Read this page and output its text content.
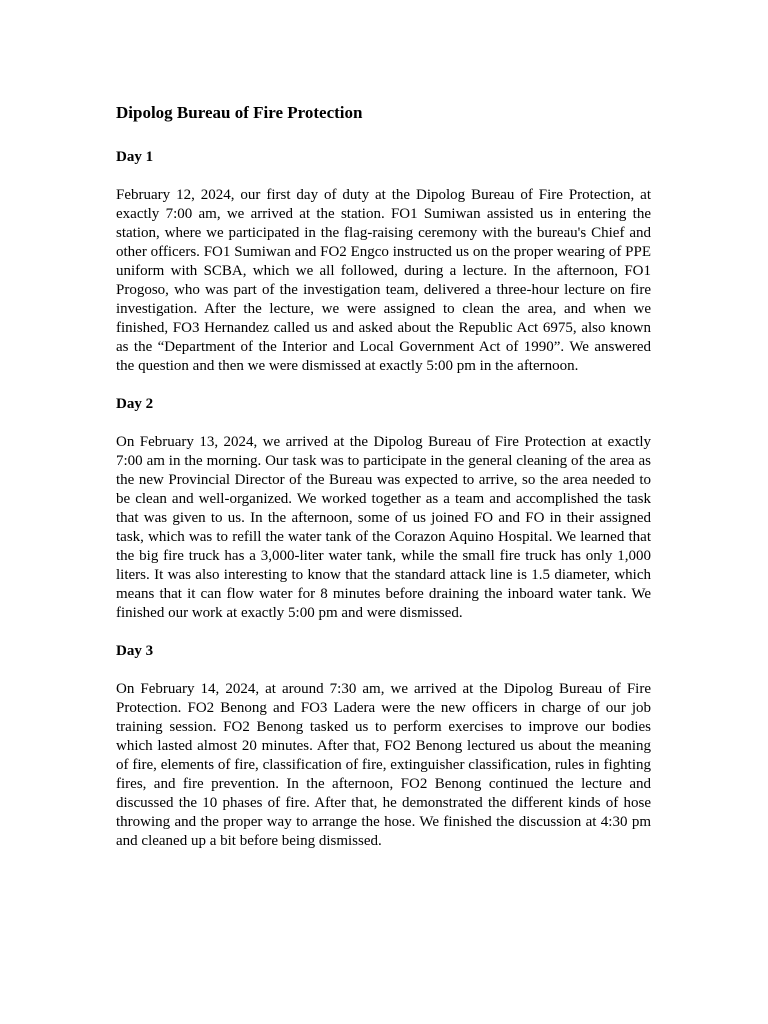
Dipolog Bureau of Fire Protection
Day 1

February 12, 2024, our first day of duty at the Dipolog Bureau of Fire Protection, at exactly 7:00 am, we arrived at the station. FO1 Sumiwan assisted us in entering the station, where we participated in the flag-raising ceremony with the bureau's Chief and other officers. FO1 Sumiwan and FO2 Engco instructed us on the proper wearing of PPE uniform with SCBA, which we all followed, during a lecture. In the afternoon, FO1 Progoso, who was part of the investigation team, delivered a three-hour lecture on fire investigation. After the lecture, we were assigned to clean the area, and when we finished, FO3 Hernandez called us and asked about the Republic Act 6975, also known as the “Department of the Interior and Local Government Act of 1990”. We answered the question and then we were dismissed at exactly 5:00 pm in the afternoon.

Day 2

On February 13, 2024, we arrived at the Dipolog Bureau of Fire Protection at exactly 7:00 am in the morning. Our task was to participate in the general cleaning of the area as the new Provincial Director of the Bureau was expected to arrive, so the area needed to be clean and well-organized. We worked together as a team and accomplished the task that was given to us. In the afternoon, some of us joined FO and FO in their assigned task, which was to refill the water tank of the Corazon Aquino Hospital. We learned that the big fire truck has a 3,000-liter water tank, while the small fire truck has only 1,000 liters. It was also interesting to know that the standard attack line is 1.5 diameter, which means that it can flow water for 8 minutes before draining the inboard water tank. We finished our work at exactly 5:00 pm and were dismissed.

Day 3

On February 14, 2024, at around 7:30 am, we arrived at the Dipolog Bureau of Fire Protection. FO2 Benong and FO3 Ladera were the new officers in charge of our job training session. FO2 Benong tasked us to perform exercises to improve our bodies which lasted almost 20 minutes. After that, FO2 Benong lectured us about the meaning of fire, elements of fire, classification of fire, extinguisher classification, rules in fighting fires, and fire prevention. In the afternoon, FO2 Benong continued the lecture and discussed the 10 phases of fire. After that, he demonstrated the different kinds of hose throwing and the proper way to arrange the hose. We finished the discussion at 4:30 pm and cleaned up a bit before being dismissed.
